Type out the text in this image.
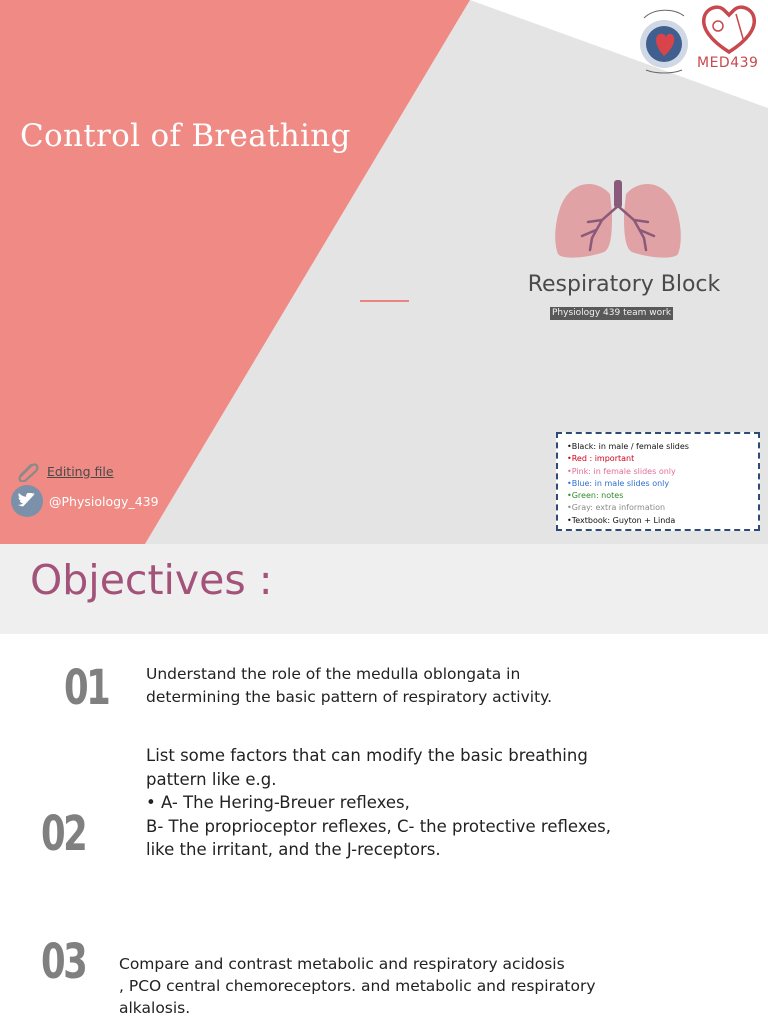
Control of Breathing
Respiratory Block
Physiology 439 team work
MED439
Editing file
@Physiology_439
•Black: in male / female slides
•Red : important
•Pink: in female slides only
•Blue: in male slides only
•Green: notes
•Gray: extra information
•Textbook: Guyton + Linda
Objectives :
01 Understand the role of the medulla oblongata in
determining the basic pattern of respiratory activity.
02
List some factors that can modify the basic breathing
pattern like e.g.
• A- The Hering-Breuer reflexes,
B- The proprioceptor reflexes, C- the protective reflexes,
like the irritant, and the J-receptors.
03 Compare and contrast metabolic and respiratory acidosis
, PCO central chemoreceptors. and metabolic and respiratory
alkalosis.
